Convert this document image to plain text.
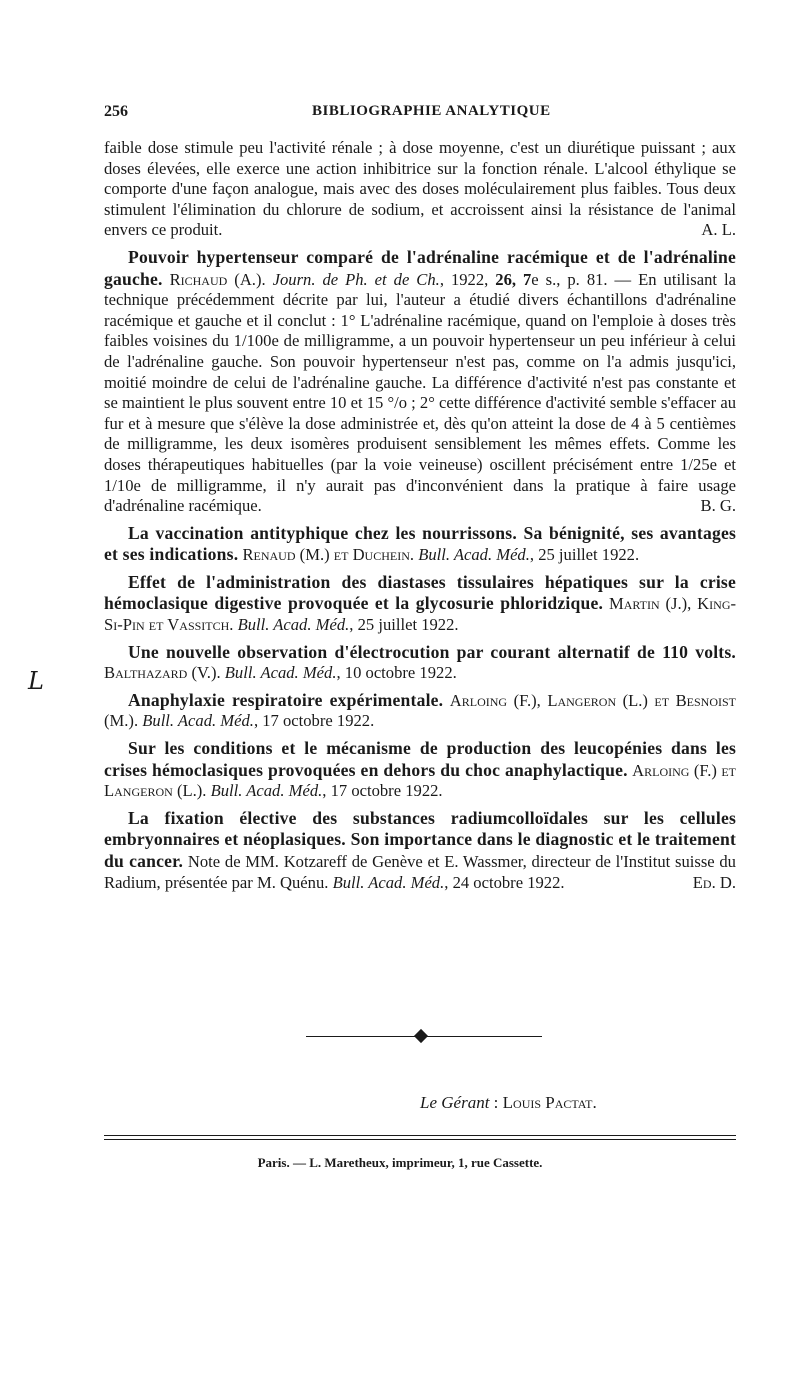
256	BIBLIOGRAPHIE ANALYTIQUE
L

faible dose stimule peu l'activité rénale ; à dose moyenne, c'est un diurétique puissant ; aux doses élevées, elle exerce une action inhibitrice sur la fonction rénale. L'alcool éthylique se comporte d'une façon analogue, mais avec des doses moléculairement plus faibles. Tous deux stimulent l'élimination du chlorure de sodium, et accroissent ainsi la résistance de l'animal envers ce produit.	A. L.

Pouvoir hypertenseur comparé de l'adrénaline racémique et de l'adrénaline gauche. Richaud (A.). Journ. de Ph. et de Ch., 1922, 26, 7e s., p. 81. — En utilisant la technique précédemment décrite par lui, l'auteur a étudié divers échantillons d'adrénaline racémique et gauche et il conclut : 1° L'adrénaline racémique, quand on l'emploie à doses très faibles voisines du 1/100e de milligramme, a un pouvoir hypertenseur un peu inférieur à celui de l'adrénaline gauche. Son pouvoir hypertenseur n'est pas, comme on l'a admis jusqu'ici, moitié moindre de celui de l'adrénaline gauche. La différence d'activité n'est pas constante et se maintient le plus souvent entre 10 et 15 °/o ; 2° cette différence d'activité semble s'effacer au fur et à mesure que s'élève la dose administrée et, dès qu'on atteint la dose de 4 à 5 centièmes de milligramme, les deux isomères produisent sensiblement les mêmes effets. Comme les doses thérapeutiques habituelles (par la voie veineuse) oscillent précisément entre 1/25e et 1/10e de milligramme, il n'y aurait pas d'inconvénient dans la pratique à faire usage d'adrénaline racémique.	B. G.

La vaccination antityphique chez les nourrissons. Sa bénignité, ses avantages et ses indications. Renaud (M.) et Duchein. Bull. Acad. Méd., 25 juillet 1922.

Effet de l'administration des diastases tissulaires hépatiques sur la crise hémoclasique digestive provoquée et la glycosurie phloridzique. Martin (J.), King-Si-Pin et Vassitch. Bull. Acad. Méd., 25 juillet 1922.

Une nouvelle observation d'électrocution par courant alternatif de 110 volts. Balthazard (V.). Bull. Acad. Méd., 10 octobre 1922.

Anaphylaxie respiratoire expérimentale. Arloing (F.), Langeron (L.) et Besnoist (M.). Bull. Acad. Méd., 17 octobre 1922.

Sur les conditions et le mécanisme de production des leucopénies dans les crises hémoclasiques provoquées en dehors du choc anaphylactique. Arloing (F.) et Langeron (L.). Bull. Acad. Méd., 17 octobre 1922.

La fixation élective des substances radiumcolloïdales sur les cellules embryonnaires et néoplasiques. Son importance dans le diagnostic et le traitement du cancer. Note de MM. Kotzareff de Genève et E. Wassmer, directeur de l'Institut suisse du Radium, présentée par M. Quénu. Bull. Acad. Méd., 24 octobre 1922.	Ed. D.

Le Gérant : Louis Pactat.
Paris. — L. Maretheux, imprimeur, 1, rue Cassette.
